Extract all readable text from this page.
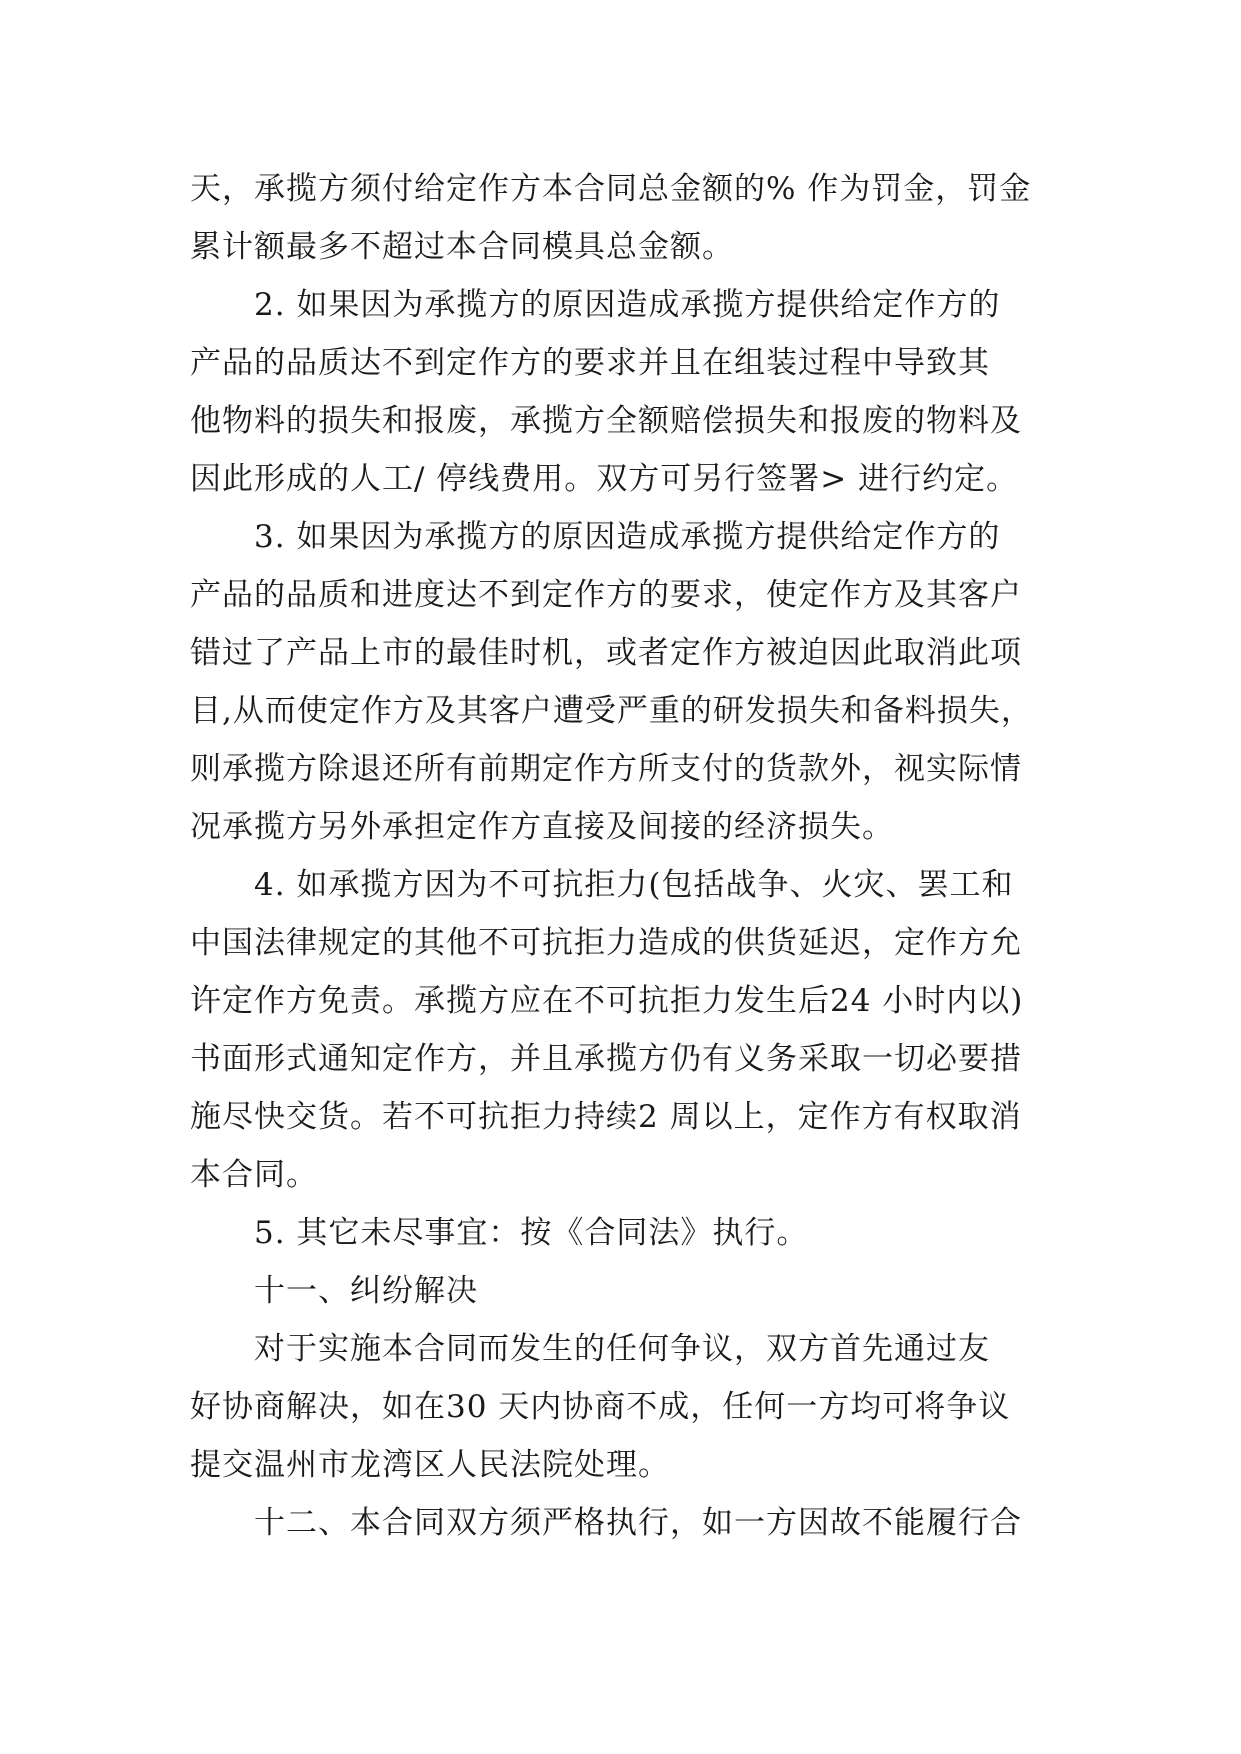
天，承揽方须付给定作方本合同总金额的% 作为罚金，罚金
累计额最多不超过本合同模具总金额。
2. 如果因为承揽方的原因造成承揽方提供给定作方的
产品的品质达不到定作方的要求并且在组装过程中导致其
他物料的损失和报废，承揽方全额赔偿损失和报废的物料及
因此形成的人工/ 停线费用。双方可另行签署> 进行约定。
3. 如果因为承揽方的原因造成承揽方提供给定作方的
产品的品质和进度达不到定作方的要求，使定作方及其客户
错过了产品上市的最佳时机，或者定作方被迫因此取消此项
目,从而使定作方及其客户遭受严重的研发损失和备料损失，
则承揽方除退还所有前期定作方所支付的货款外，视实际情
况承揽方另外承担定作方直接及间接的经济损失。
4. 如承揽方因为不可抗拒力(包括战争、火灾、罢工和
中国法律规定的其他不可抗拒力造成的供货延迟，定作方允
许定作方免责。承揽方应在不可抗拒力发生后24 小时内以)
书面形式通知定作方，并且承揽方仍有义务采取一切必要措
施尽快交货。若不可抗拒力持续2 周以上，定作方有权取消
本合同。
5. 其它未尽事宜：按《合同法》执行。
十一、纠纷解决
对于实施本合同而发生的任何争议，双方首先通过友
好协商解决，如在30 天内协商不成，任何一方均可将争议
提交温州市龙湾区人民法院处理。
十二、本合同双方须严格执行，如一方因故不能履行合
